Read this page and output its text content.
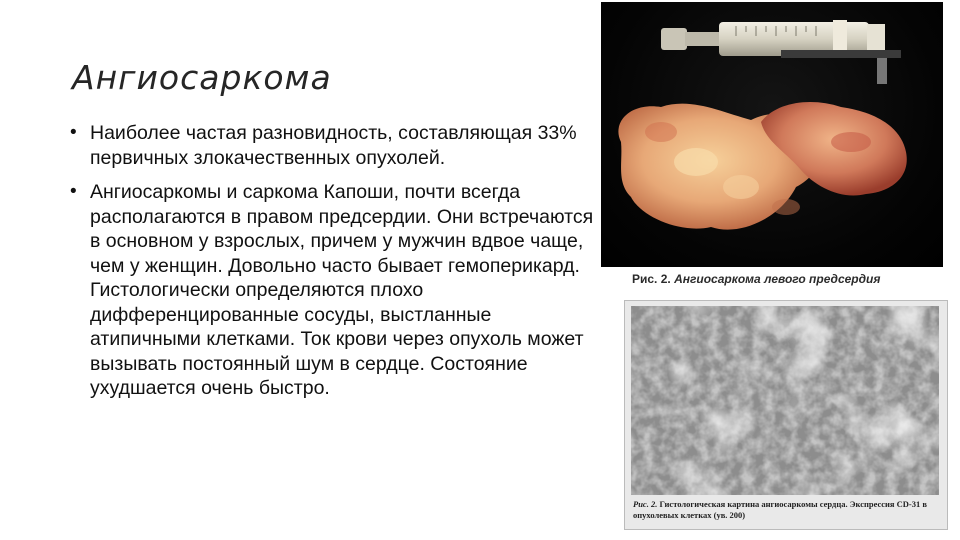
Ангиосаркома
• Наиболее частая разновидность, составляющая 33% первичных злокачественных опухолей.
• Ангиосаркомы и саркома Капоши, почти всегда располагаются в правом предсердии. Они встречаются в основном у взрослых, причем у мужчин вдвое чаще, чем у женщин. Довольно часто бывает гемоперикард. Гистологически определяются плохо дифференцированные сосуды, выстланные атипичными клетками. Ток крови через опухоль может вызывать постоянный шум в сердце. Состояние ухудшается очень быстро.
Рис. 2. Ангиосаркома левого предсердия
Рис. 2. Гистологическая картина ангиосаркомы сердца. Экспрессия CD-31 в опухолевых клетках (ув. 200)
